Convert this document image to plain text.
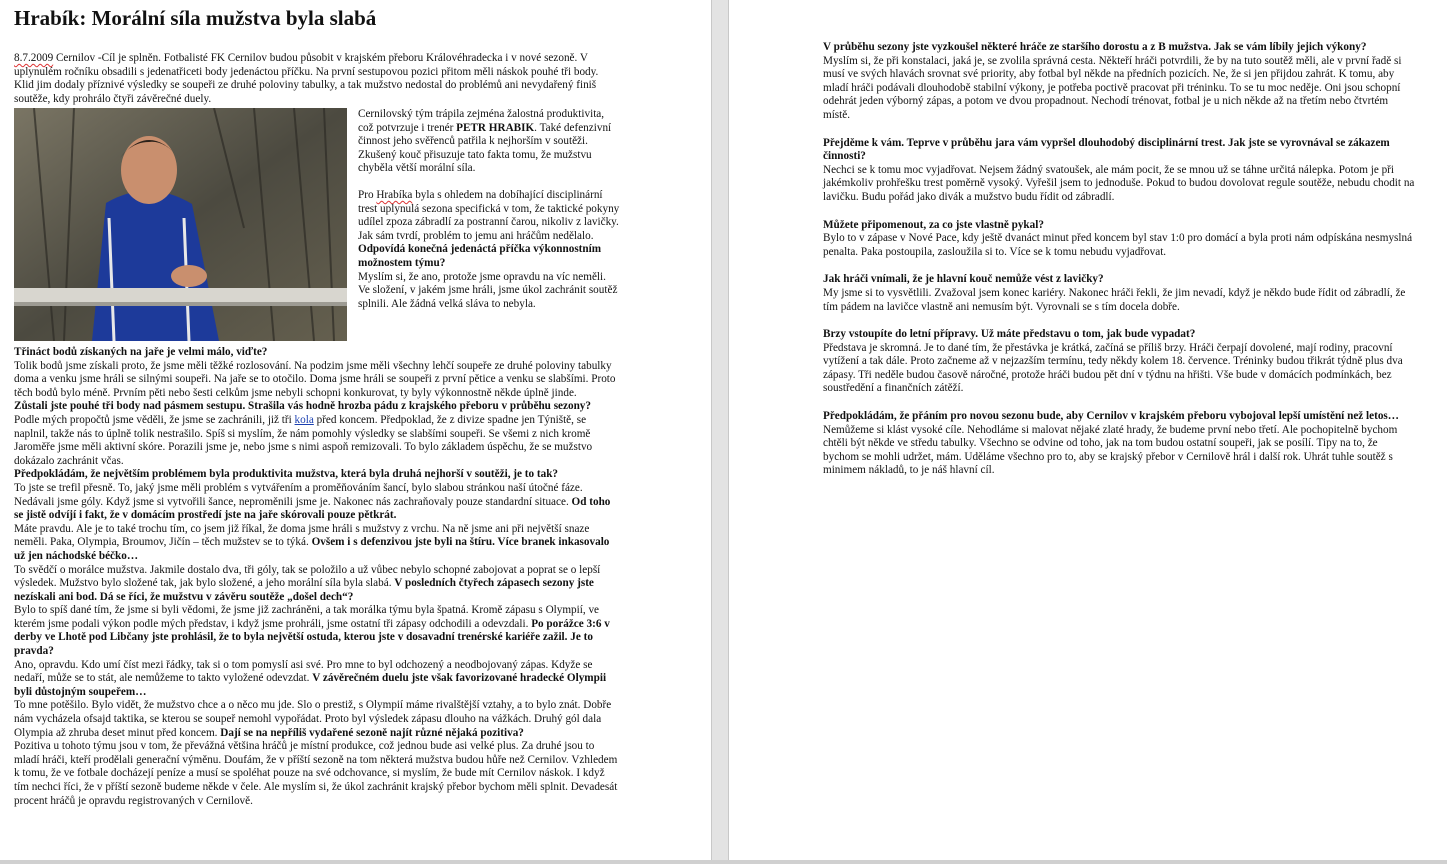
Hrabík: Morální síla mužstva byla slabá
8.7.2009 Cernilov -Cíl je splněn. Fotbalisté FK Cernilov budou působit v krajském přeboru Královéhradecka i v nové sezoně. V uplynulém ročníku obsadili s jedenatřiceti body jedenáctou příčku. Na první sestupovou pozici přitom měli náskok pouhé tři body. Klid jim dodaly příznivé výsledky se soupeři ze druhé poloviny tabulky, a tak mužstvo nedostal do problémů ani nevydařený finiš soutěže, kdy prohrálo čtyři závěrečné duely.

Cernilovský tým trápila zejména žalostná produktivita, což potvrzuje i trenér PETR HRABIK. Také defenzivní činnost jeho svěřenců patřila k nejhorším v soutěži. Zkušený kouč přisuzuje tato fakta tomu, že mužstvu chyběla větší morální síla.

Pro Hrabíka byla s ohledem na dobíhající disciplinární trest uplynulá sezona specifická v tom, že taktické pokyny udílel zpoza zábradlí za postranní čarou, nikoliv z lavičky. Jak sám tvrdí, problém to jemu ani hráčům nedělalo.

Odpovídá konečná jedenáctá příčka výkonnostním možnostem týmu?

Myslím si, že ano, protože jsme opravdu na víc neměli. Ve složení, v jakém jsme hráli, jsme úkol zachránit soutěž splnili. Ale žádná velká sláva to nebyla.

Třináct bodů získaných na jaře je velmi málo, viďte?

Tolik bodů jsme získali proto, že jsme měli těžké rozlosování. Na podzim jsme měli všechny lehčí soupeře ze druhé poloviny tabulky doma a venku jsme hráli se silnými soupeři. Na jaře se to otočilo. Doma jsme hráli se soupeři z první pětice a venku se slabšími. Proto těch bodů bylo méně. Prvním pěti nebo šesti celkům jsme nebyli schopni konkurovat, ty byly výkonnostně někde úplně jinde.

Zůstali jste pouhé tři body nad pásmem sestupu. Strašila vás hodně hrozba pádu z krajského přeboru v průběhu sezony?

Podle mých propočtů jsme věděli, že jsme se zachránili, již tři kola před koncem. Předpoklad, že z divize spadne jen Týniště, se naplnil, takže nás to úplně tolik nestrašilo. Spíš si myslím, že nám pomohly výsledky se slabšími soupeři. Se všemi z nich kromě Jaroměře jsme měli aktivní skóre. Porazili jsme je, nebo jsme s nimi aspoň remizovali. To bylo základem úspěchu, že se mužstvo dokázalo zachránit včas.

Předpokládám, že největším problémem byla produktivita mužstva, která byla druhá nejhorší v soutěži, je to tak?

To jste se trefil přesně. To, jaký jsme měli problém s vytvářením a proměňováním šancí, bylo slabou stránkou naší útočné fáze. Nedávali jsme góly. Když jsme si vytvořili šance, neproměnili jsme je. Nakonec nás zachraňovaly pouze standardní situace. Od toho se jistě odvíjí i fakt, že v domácím prostředí jste na jaře skórovali pouze pětkrát.

Máte pravdu. Ale je to také trochu tím, co jsem již říkal, že doma jsme hráli s mužstvy z vrchu. Na ně jsme ani při největší snaze neměli. Paka, Olympia, Broumov, Jičín – těch mužstev se to týká. Ovšem i s defenzivou jste byli na štíru. Více branek inkasovalo už jen náchodské béčko…

To svědčí o morálce mužstva. Jakmile dostalo dva, tři góly, tak se položilo a už vůbec nebylo schopné zabojovat a poprat se o lepší výsledek. Mužstvo bylo složené tak, jak bylo složené, a jeho morální síla byla slabá. V posledních čtyřech zápasech sezony jste nezískali ani bod. Dá se říci, že mužstvu v závěru soutěže „došel dech“?

Bylo to spíš dané tím, že jsme si byli vědomi, že jsme již zachráněni, a tak morálka týmu byla špatná. Kromě zápasu s Olympií, ve kterém jsme podali výkon podle mých představ, i když jsme prohráli, jsme ostatní tři zápasy odchodili a odevzdali. Po porážce 3:6 v derby ve Lhotě pod Libčany jste prohlásil, že to byla největší ostuda, kterou jste v dosavadní trenérské kariéře zažil. Je to pravda?

Ano, opravdu. Kdo umí číst mezi řádky, tak si o tom pomyslí asi své. Pro mne to byl odchozený a neodbojovaný zápas. Kdyže se nedaří, může se to stát, ale nemůžeme to takto vyložené odevzdat. V závěrečném duelu jste však favorizované hradecké Olympii byli důstojným soupeřem…

To mne potěšilo. Bylo vidět, že mužstvo chce a o něco mu jde. Slo o prestiž, s Olympií máme rivalštější vztahy, a to bylo znát. Dobře nám vycházela ofsajd taktika, se kterou se soupeř nemohl vypořádat. Proto byl výsledek zápasu dlouho na vážkách. Druhý gól dala Olympia až zhruba deset minut před koncem. Dají se na nepříliš vydařené sezoně najít různé nějaká pozitiva?

Pozitiva u tohoto týmu jsou v tom, že převážná většina hráčů je místní produkce, což jednou bude asi velké plus. Za druhé jsou to mladí hráči, kteří prodělali generační výměnu. Doufám, že v příští sezoně na tom některá mužstva budou hůře než Cernilov. Vzhledem k tomu, že ve fotbale docházejí peníze a musí se spoléhat pouze na své odchovance, si myslím, že bude mít Cernilov náskok. I když tím nechci říci, že v příští sezoně budeme někde v čele. Ale myslím si, že úkol zachránit krajský přebor bychom měli splnit. Devadesát procent hráčů je opravdu registrovaných v Cernilově.

V průběhu sezony jste vyzkoušel některé hráče ze staršího dorostu a z B mužstva. Jak se vám líbily jejich výkony?

Myslím si, že při konstalaci, jaká je, se zvolila správná cesta. Někteří hráči potvrdili, že by na tuto soutěž měli, ale v první řadě si musí ve svých hlavách srovnat své priority, aby fotbal byl někde na předních pozicích. Ne, že si jen přijdou zahrát. K tomu, aby mladí hráči podávali dlouhodobě stabilní výkony, je potřeba poctivě pracovat při tréninku. To se tu moc neděje. Oni jsou schopní odehrát jeden výborný zápas, a potom ve dvou propadnout. Nechodí trénovat, fotbal je u nich někde až na třetím nebo čtvrtém místě.

Přejděme k vám. Teprve v průběhu jara vám vypršel dlouhodobý disciplinární trest. Jak jste se vyrovnával se zákazem činnosti?

Nechci se k tomu moc vyjadřovat. Nejsem žádný svatoušek, ale mám pocit, že se mnou už se táhne určitá nálepka. Potom je při jakémkoliv prohřešku trest poměrně vysoký. Vyřešil jsem to jednoduše. Pokud to budou dovolovat regule soutěže, nebudu chodit na lavičku. Budu pořád jako divák a mužstvo budu řídit od zábradlí.

Můžete připomenout, za co jste vlastně pykal?

Bylo to v zápase v Nové Pace, kdy ještě dvanáct minut před koncem byl stav 1:0 pro domácí a byla proti nám odpískána nesmyslná penalta. Paka postoupila, zasloužila si to. Více se k tomu nebudu vyjadřovat.

Jak hráči vnímali, že je hlavní kouč nemůže vést z lavičky?

My jsme si to vysvětlili. Zvažoval jsem konec kariéry. Nakonec hráči řekli, že jim nevadí, když je někdo bude řídit od zábradlí, že tím pádem na lavičce vlastně ani nemusím být. Vyrovnali se s tím docela dobře.

Brzy vstoupíte do letní přípravy. Už máte představu o tom, jak bude vypadat?

Představa je skromná. Je to dané tím, že přestávka je krátká, začíná se příliš brzy. Hráči čerpají dovolené, mají rodiny, pracovní vytížení a tak dále. Proto začneme až v nejzazším termínu, tedy někdy kolem 18. července. Tréninky budou třikrát týdně plus dva zápasy. Tři neděle budou časově náročné, protože hráči budou pět dní v týdnu na hřišti. Vše bude v domácích podmínkách, bez soustředění a finančních zátěží.

Předpokládám, že přáním pro novou sezonu bude, aby Cernilov v krajském přeboru vybojoval lepší umístění než letos…

Nemůžeme si klást vysoké cíle. Nehodláme si malovat nějaké zlaté hrady, že budeme první nebo třetí. Ale pochopitelně bychom chtěli být někde ve středu tabulky. Všechno se odvine od toho, jak na tom budou ostatní soupeři, jak se posílí. Tipy na to, že bychom se mohli udržet, mám. Uděláme všechno pro to, aby se krajský přebor v Cernilově hrál i další rok. Uhrát tuhle soutěž s minimem nákladů, to je náš hlavní cíl.
